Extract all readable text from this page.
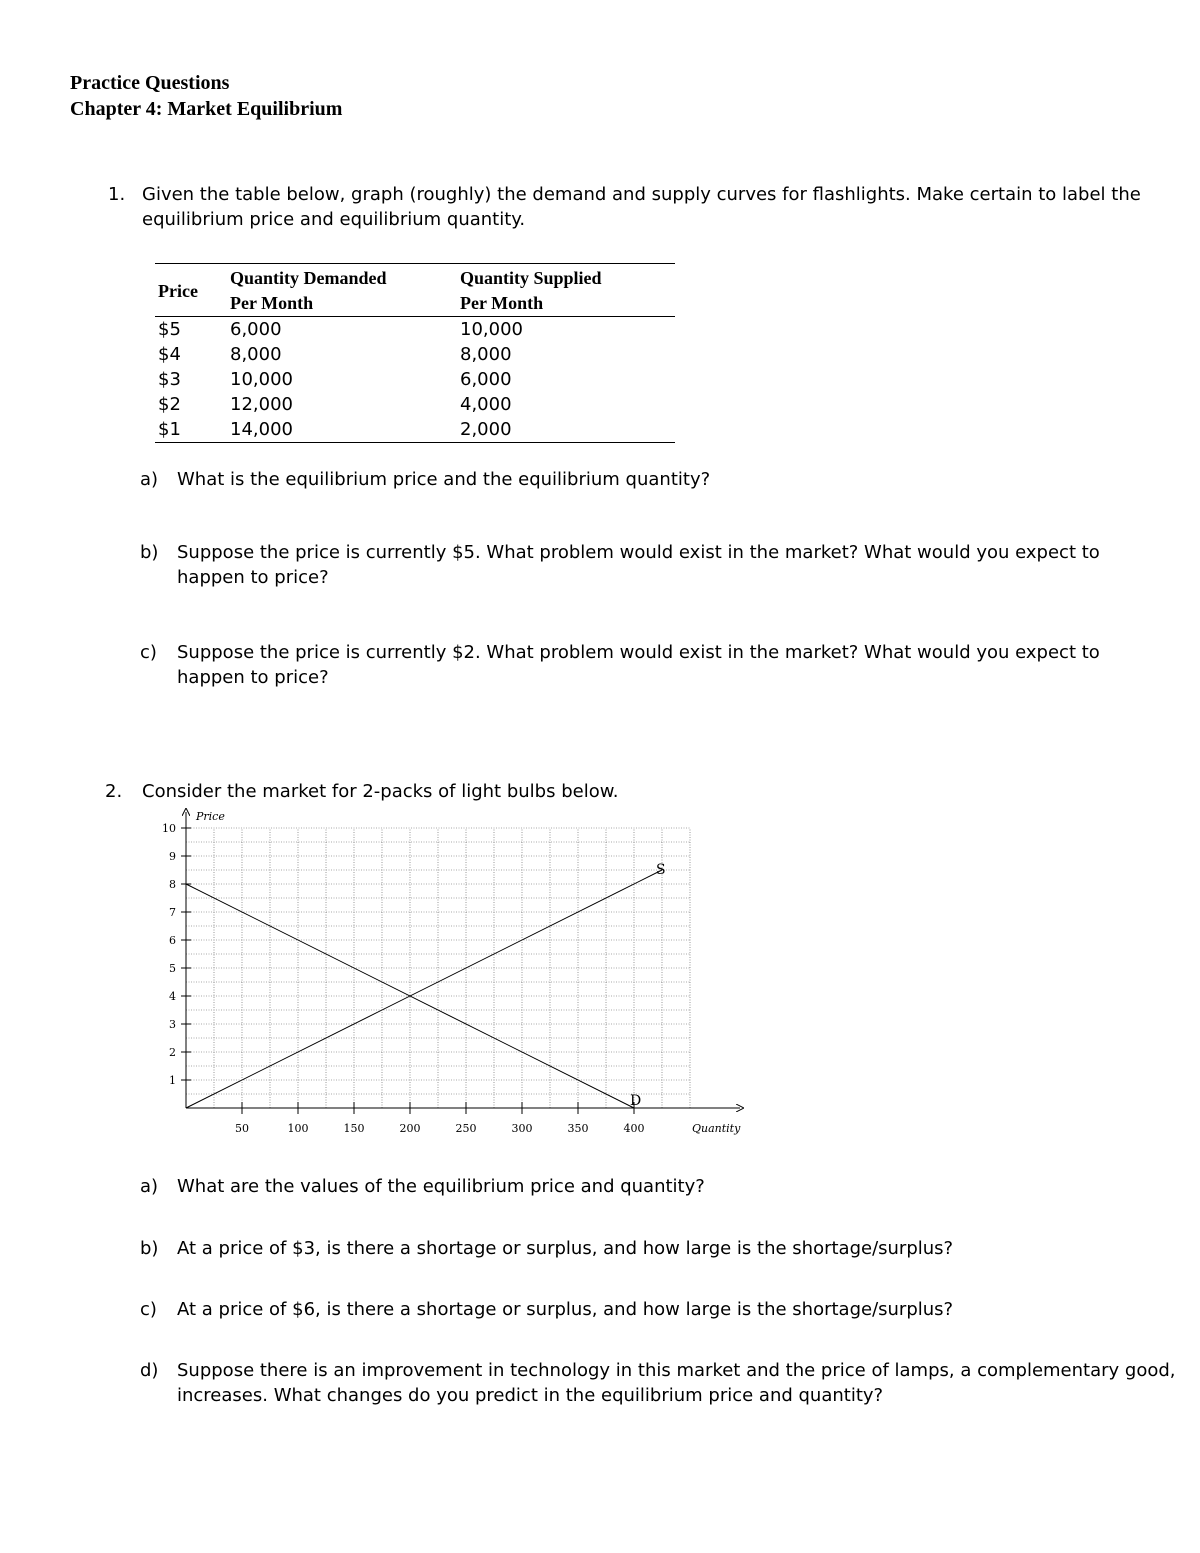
Practice Questions
Chapter 4: Market Equilibrium
1. Given the table below, graph (roughly) the demand and supply curves for flashlights. Make certain to label the
equilibrium price and equilibrium quantity.
Price	Quantity Demanded	Quantity Supplied
	Per Month	Per Month
$5	6,000	10,000
$4	8,000	8,000
$3	10,000	6,000
$2	12,000	4,000
$1	14,000	2,000
a) What is the equilibrium price and the equilibrium quantity?
b) Suppose the price is currently $5. What problem would exist in the market? What would you expect to
happen to price?
c) Suppose the price is currently $2. What problem would exist in the market? What would you expect to
happen to price?
2. Consider the market for 2-packs of light bulbs below.
1
2
3
4
5
6
7
8
9
10
50	100	150	200	250	300	350	400
D
S
Price
Quantity
a) What are the values of the equilibrium price and quantity?
b) At a price of $3, is there a shortage or surplus, and how large is the shortage/surplus?
c) At a price of $6, is there a shortage or surplus, and how large is the shortage/surplus?
d) Suppose there is an improvement in technology in this market and the price of lamps, a complementary good,
increases. What changes do you predict in the equilibrium price and quantity?
